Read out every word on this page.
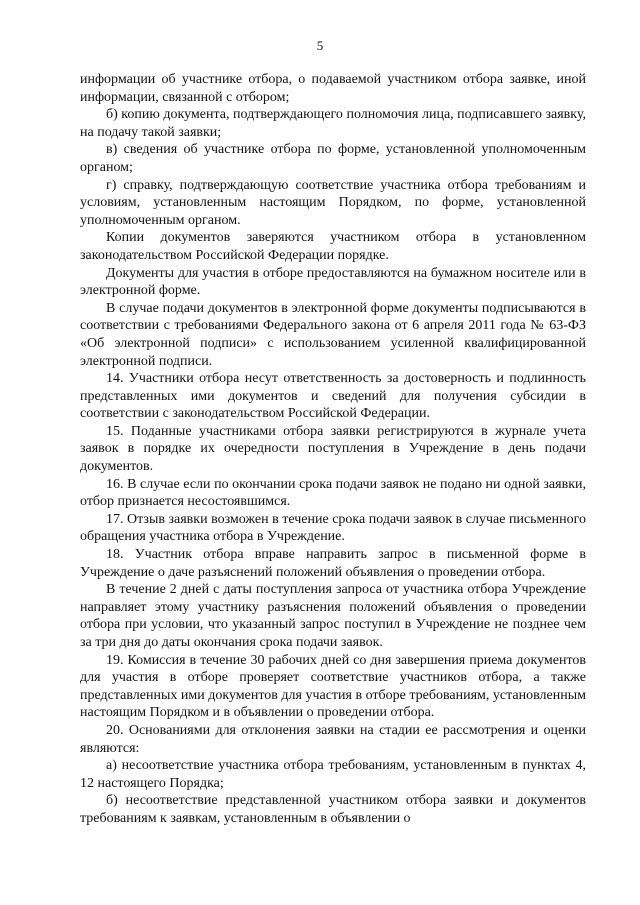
5

информации об участнике отбора, о подаваемой участником отбора заявке, иной информации, связанной с отбором;

б) копию документа, подтверждающего полномочия лица, подписавшего заявку, на подачу такой заявки;

в) сведения об участнике отбора по форме, установленной уполномоченным органом;

г) справку, подтверждающую соответствие участника отбора требованиям и условиям, установленным настоящим Порядком, по форме, установленной уполномоченным органом.

Копии документов заверяются участником отбора в установленном законодательством Российской Федерации порядке.

Документы для участия в отборе предоставляются на бумажном носителе или в электронной форме.

В случае подачи документов в электронной форме документы подписываются в соответствии с требованиями Федерального закона от 6 апреля 2011 года № 63-ФЗ «Об электронной подписи» с использованием усиленной квалифицированной электронной подписи.

14. Участники отбора несут ответственность за достоверность и подлинность представленных ими документов и сведений для получения субсидии в соответствии с законодательством Российской Федерации.

15. Поданные участниками отбора заявки регистрируются в журнале учета заявок в порядке их очередности поступления в Учреждение в день подачи документов.

16. В случае если по окончании срока подачи заявок не подано ни одной заявки, отбор признается несостоявшимся.

17. Отзыв заявки возможен в течение срока подачи заявок в случае письменного обращения участника отбора в Учреждение.

18. Участник отбора вправе направить запрос в письменной форме в Учреждение о даче разъяснений положений объявления о проведении отбора.

В течение 2 дней с даты поступления запроса от участника отбора Учреждение направляет этому участнику разъяснения положений объявления о проведении отбора при условии, что указанный запрос поступил в Учреждение не позднее чем за три дня до даты окончания срока подачи заявок.

19. Комиссия в течение 30 рабочих дней со дня завершения приема документов для участия в отборе проверяет соответствие участников отбора, а также представленных ими документов для участия в отборе требованиям, установленным настоящим Порядком и в объявлении о проведении отбора.

20. Основаниями для отклонения заявки на стадии ее рассмотрения и оценки являются:

а) несоответствие участника отбора требованиям, установленным в пунктах 4, 12 настоящего Порядка;

б) несоответствие представленной участником отбора заявки и документов требованиям к заявкам, установленным в объявлении о
